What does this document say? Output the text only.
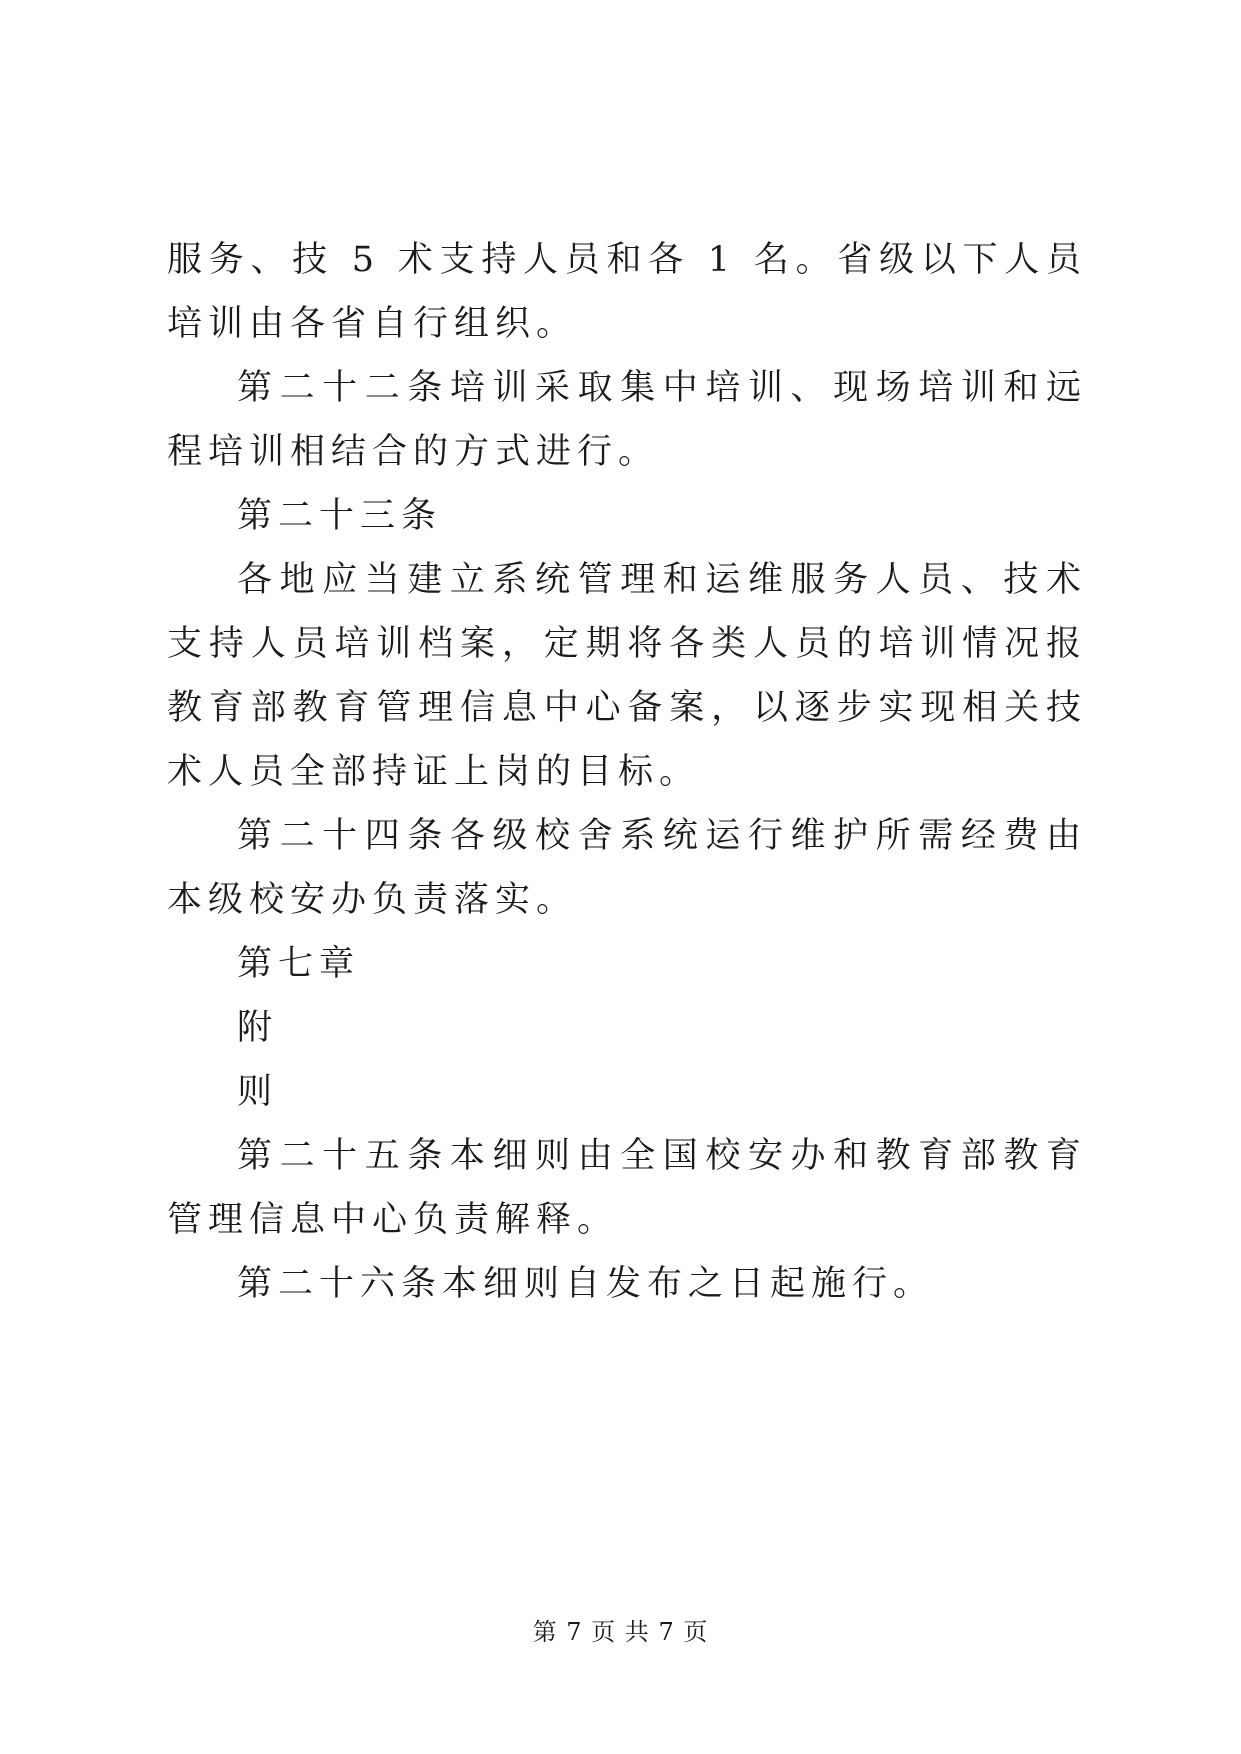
服务、技 5 术支持人员和各 1 名。省级以下人员培训由各省自行组织。

第二十二条培训采取集中培训、现场培训和远程培训相结合的方式进行。

第二十三条

各地应当建立系统管理和运维服务人员、技术支持人员培训档案，定期将各类人员的培训情况报教育部教育管理信息中心备案，以逐步实现相关技术人员全部持证上岗的目标。

第二十四条各级校舍系统运行维护所需经费由本级校安办负责落实。

第七章

附

则

第二十五条本细则由全国校安办和教育部教育管理信息中心负责解释。

第二十六条本细则自发布之日起施行。

第 7 页 共 7 页
